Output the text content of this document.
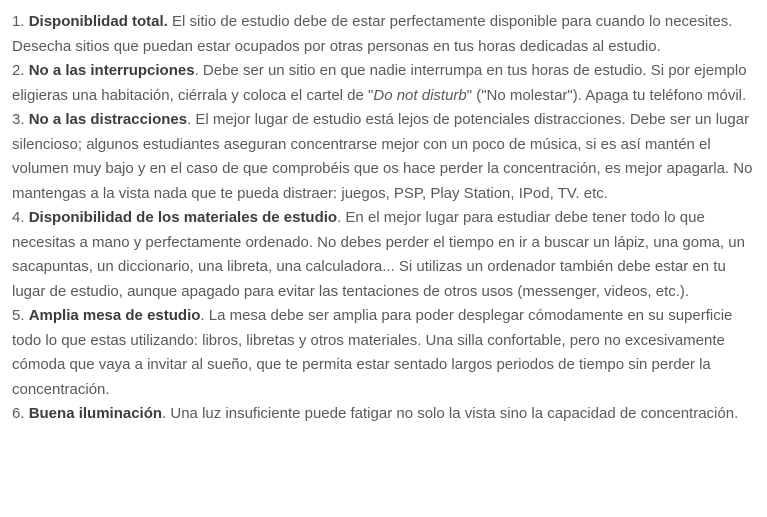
1. Disponiblidad total. El sitio de estudio debe de estar perfectamente disponible para cuando lo necesites. Desecha sitios que puedan estar ocupados por otras personas en tus horas dedicadas al estudio.

2. No a las interrupciones. Debe ser un sitio en que nadie interrumpa en tus horas de estudio. Si por ejemplo eligieras una habitación, ciérrala y coloca el cartel de "Do not disturb" ("No molestar"). Apaga tu teléfono móvil.

3. No a las distracciones. El mejor lugar de estudio está lejos de potenciales distracciones. Debe ser un lugar silencioso; algunos estudiantes aseguran concentrarse mejor con un poco de música, si es así mantén el volumen muy bajo y en el caso de que comprobéis que os hace perder la concentración, es mejor apagarla. No mantengas a la vista nada que te pueda distraer: juegos, PSP, Play Station, IPod, TV. etc.

4. Disponibilidad de los materiales de estudio. En el mejor lugar para estudiar debe tener todo lo que necesitas a mano y perfectamente ordenado. No debes perder el tiempo en ir a buscar un lápiz, una goma, un sacapuntas, un diccionario, una libreta, una calculadora... Si utilizas un ordenador también debe estar en tu lugar de estudio, aunque apagado para evitar las tentaciones de otros usos (messenger, videos, etc.).

5. Amplia mesa de estudio. La mesa debe ser amplia para poder desplegar cómodamente en su superficie todo lo que estas utilizando: libros, libretas y otros materiales. Una silla confortable, pero no excesivamente cómoda que vaya a invitar al sueño, que te permita estar sentado largos periodos de tiempo sin perder la concentración.

6. Buena iluminación. Una luz insuficiente puede fatigar no solo la vista sino la capacidad de concentración.
